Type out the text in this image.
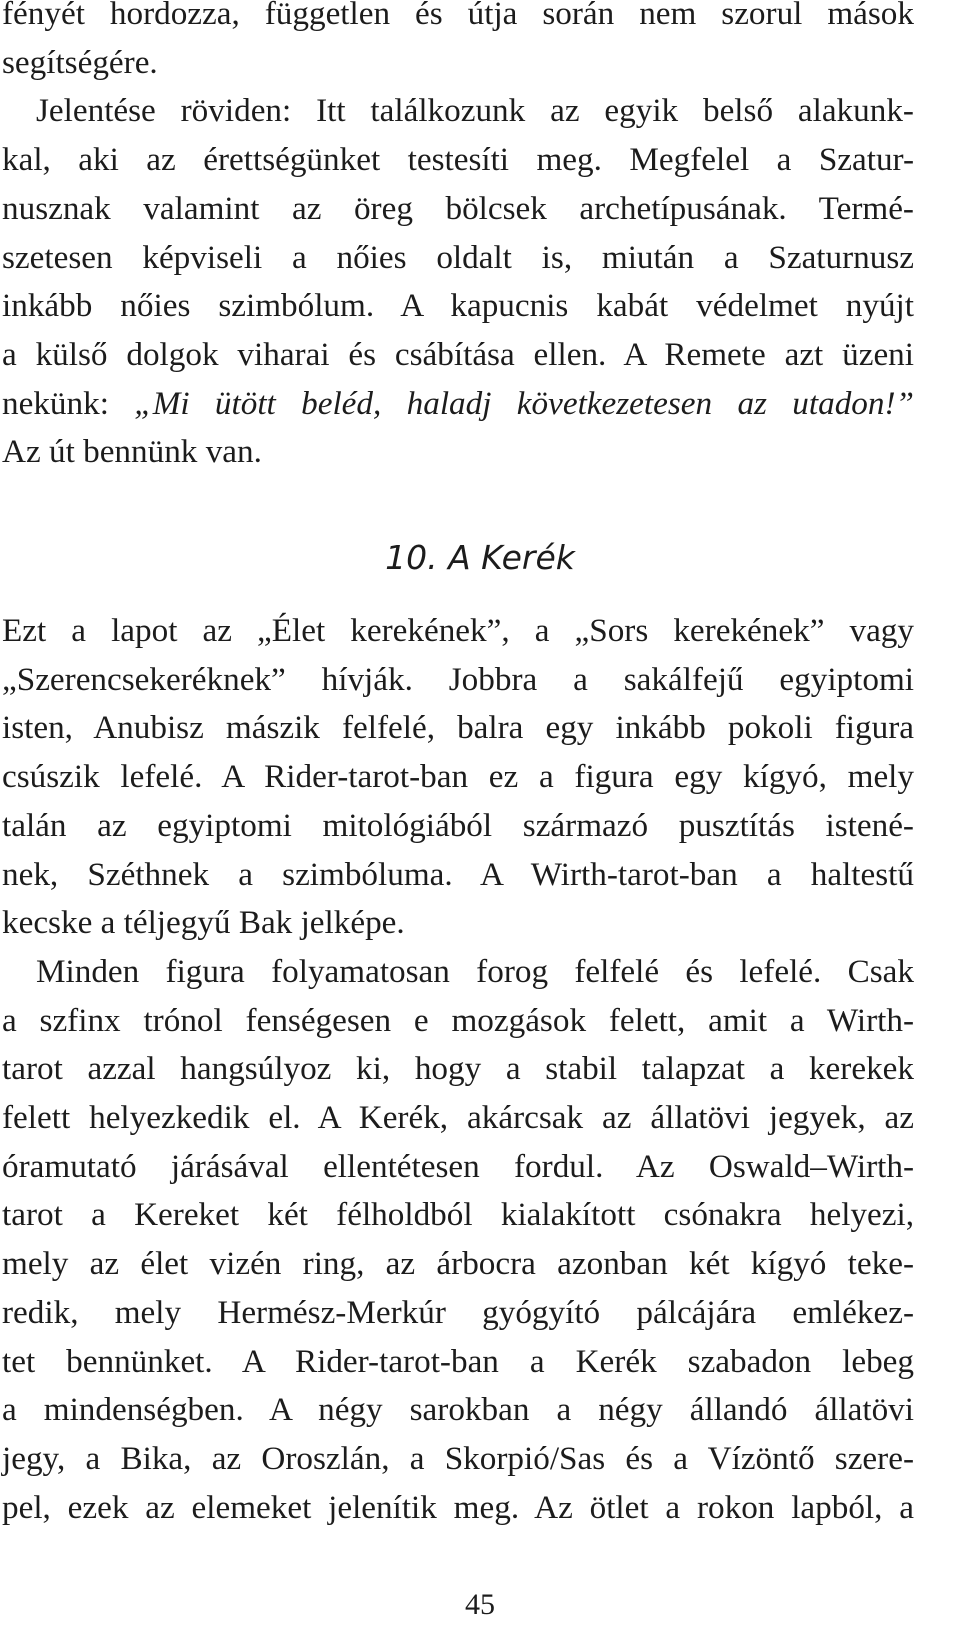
fényét hordozza, független és útja során nem szorul mások
segítségére.
Jelentése röviden: Itt találkozunk az egyik belső alakunk-
kal, aki az érettségünket testesíti meg. Megfelel a Szatur-
nusznak valamint az öreg bölcsek archetípusának. Termé-
szetesen képviseli a nőies oldalt is, miután a Szaturnusz
inkább nőies szimbólum. A kapucnis kabát védelmet nyújt
a külső dolgok viharai és csábítása ellen. A Remete azt üzeni
nekünk: „Mi ütött beléd, haladj következetesen az utadon!”
Az út bennünk van.
10. A Kerék
Ezt a lapot az „Élet kerekének”, a „Sors kerekének” vagy
„Szerencsekeréknek” hívják. Jobbra a sakálfejű egyiptomi
isten, Anubisz mászik felfelé, balra egy inkább pokoli figura
csúszik lefelé. A Rider-tarot-ban ez a figura egy kígyó, mely
talán az egyiptomi mitológiából származó pusztítás istené-
nek, Széthnek a szimbóluma. A Wirth-tarot-ban a haltestű
kecske a téljegyű Bak jelképe.
Minden figura folyamatosan forog felfelé és lefelé. Csak
a szfinx trónol fenségesen e mozgások felett, amit a Wirth-
tarot azzal hangsúlyoz ki, hogy a stabil talapzat a kerekek
felett helyezkedik el. A Kerék, akárcsak az állatövi jegyek, az
óramutató járásával ellentétesen fordul. Az Oswald–Wirth-
tarot a Kereket két félholdból kialakított csónakra helyezi,
mely az élet vizén ring, az árbocra azonban két kígyó teke-
redik, mely Hermész-Merkúr gyógyító pálcájára emlékez-
tet bennünket. A Rider-tarot-ban a Kerék szabadon lebeg
a mindenségben. A négy sarokban a négy állandó állatövi
jegy, a Bika, az Oroszlán, a Skorpió/Sas és a Vízöntő szere-
pel, ezek az elemeket jelenítik meg. Az ötlet a rokon lapból, a
45
